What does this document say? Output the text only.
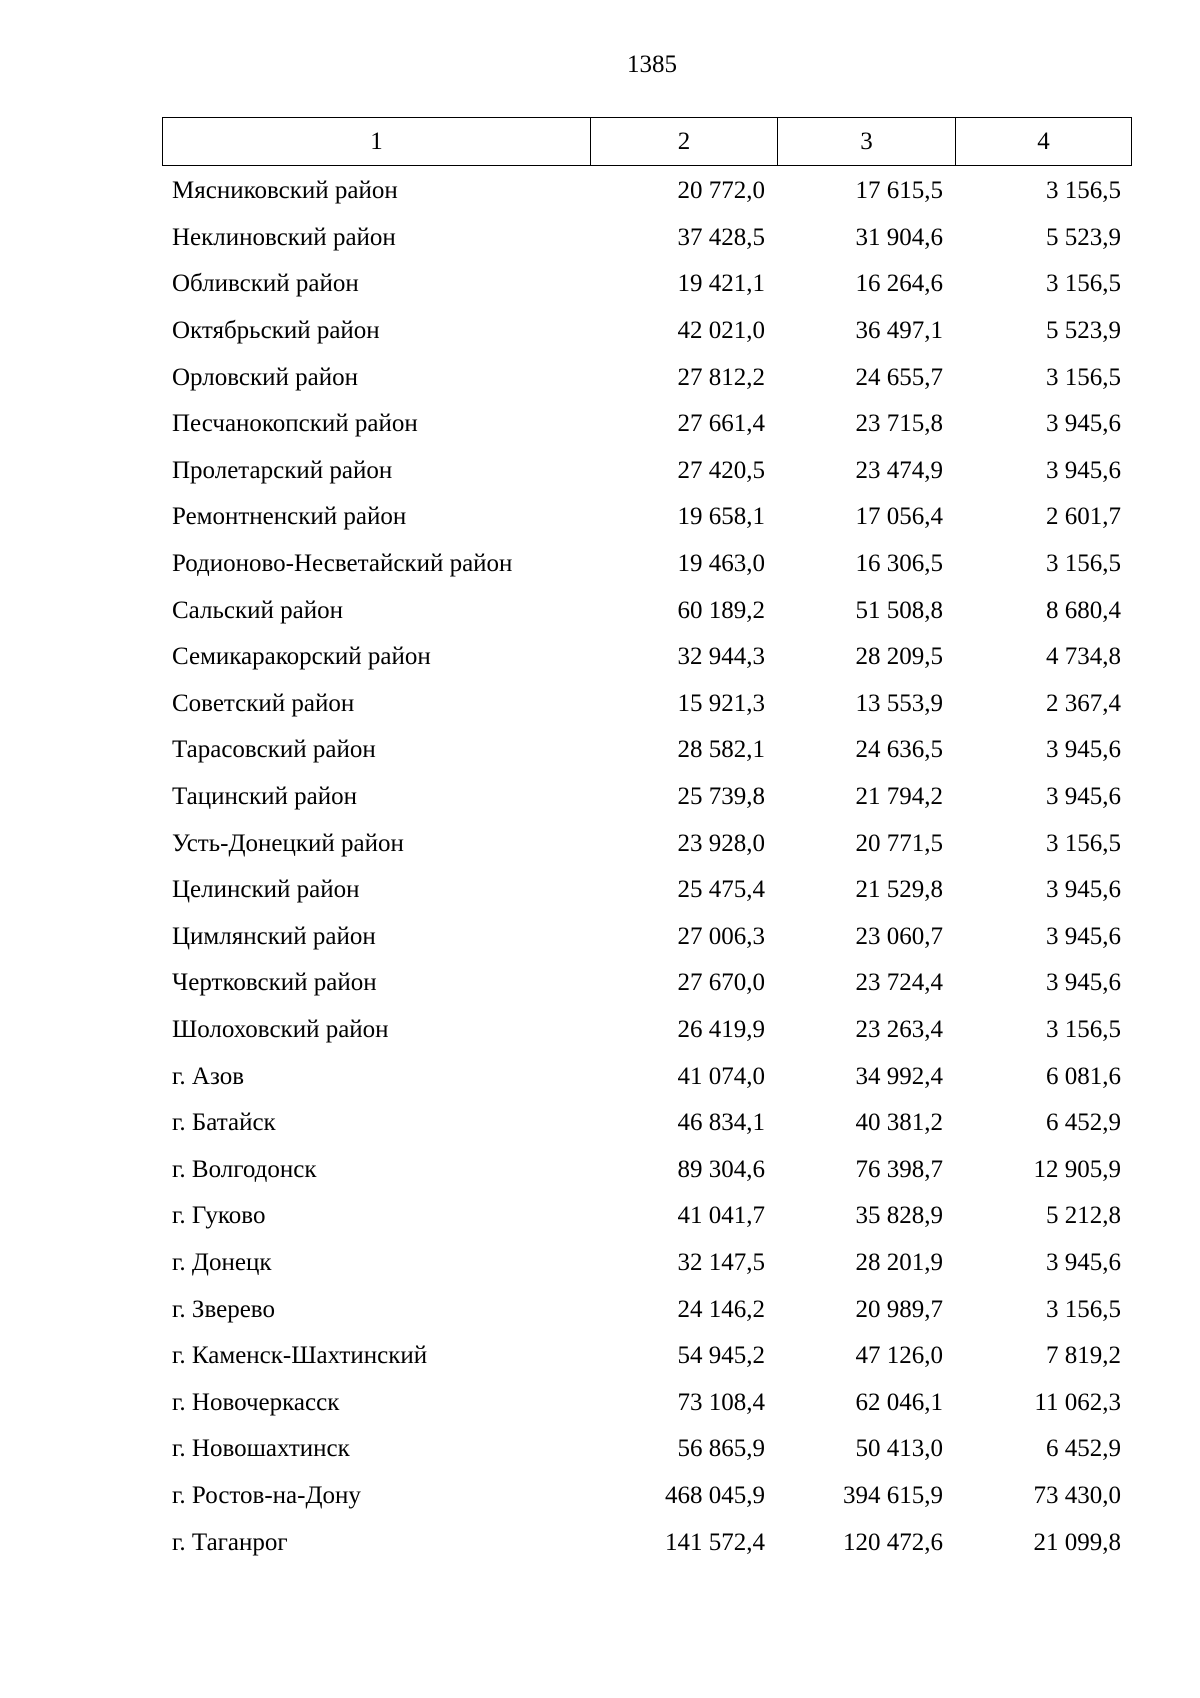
1385
1	2	3	4
Мясниковский район	20 772,0	17 615,5	3 156,5
Неклиновский район	37 428,5	31 904,6	5 523,9
Обливский район	19 421,1	16 264,6	3 156,5
Октябрьский район	42 021,0	36 497,1	5 523,9
Орловский район	27 812,2	24 655,7	3 156,5
Песчанокопский район	27 661,4	23 715,8	3 945,6
Пролетарский район	27 420,5	23 474,9	3 945,6
Ремонтненский район	19 658,1	17 056,4	2 601,7
Родионово-Несветайский район	19 463,0	16 306,5	3 156,5
Сальский район	60 189,2	51 508,8	8 680,4
Семикаракорский район	32 944,3	28 209,5	4 734,8
Советский район	15 921,3	13 553,9	2 367,4
Тарасовский район	28 582,1	24 636,5	3 945,6
Тацинский район	25 739,8	21 794,2	3 945,6
Усть-Донецкий район	23 928,0	20 771,5	3 156,5
Целинский район	25 475,4	21 529,8	3 945,6
Цимлянский район	27 006,3	23 060,7	3 945,6
Чертковский район	27 670,0	23 724,4	3 945,6
Шолоховский район	26 419,9	23 263,4	3 156,5
г. Азов	41 074,0	34 992,4	6 081,6
г. Батайск	46 834,1	40 381,2	6 452,9
г. Волгодонск	89 304,6	76 398,7	12 905,9
г. Гуково	41 041,7	35 828,9	5 212,8
г. Донецк	32 147,5	28 201,9	3 945,6
г. Зверево	24 146,2	20 989,7	3 156,5
г. Каменск-Шахтинский	54 945,2	47 126,0	7 819,2
г. Новочеркасск	73 108,4	62 046,1	11 062,3
г. Новошахтинск	56 865,9	50 413,0	6 452,9
г. Ростов-на-Дону	468 045,9	394 615,9	73 430,0
г. Таганрог	141 572,4	120 472,6	21 099,8
